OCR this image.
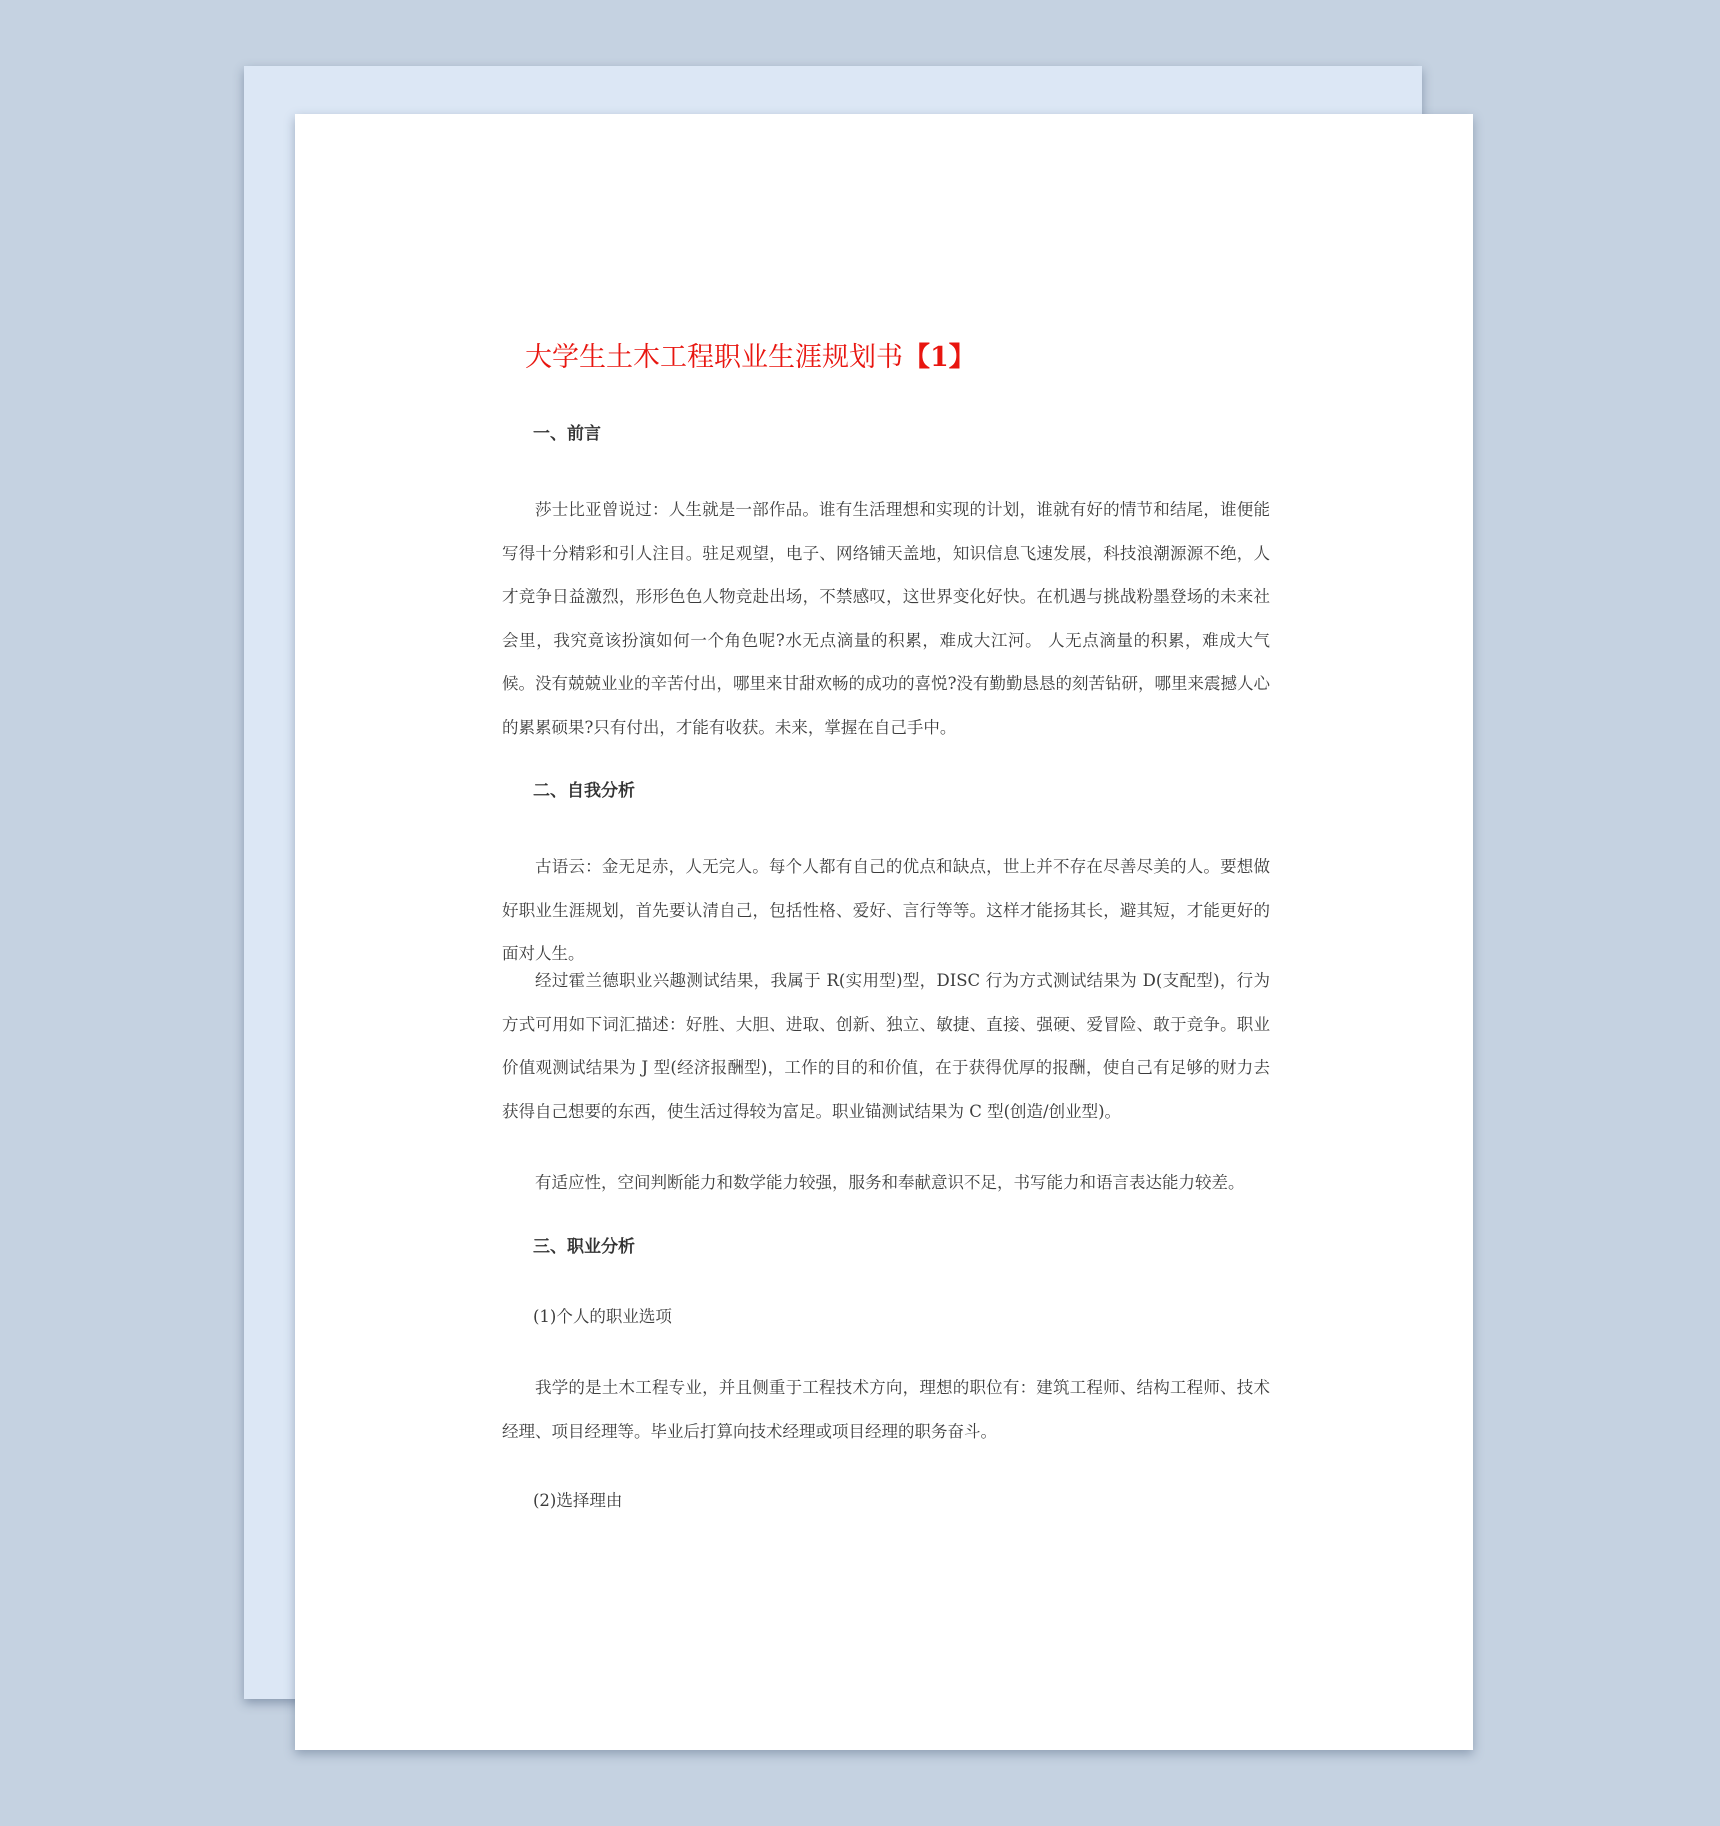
大学生土木工程职业生涯规划书【1】
一、前言

莎士比亚曾说过：人生就是一部作品。谁有生活理想和实现的计划，谁就有好的情节和结尾，谁便能写得十分精彩和引人注目。驻足观望，电子、网络铺天盖地，知识信息飞速发展，科技浪潮源源不绝，人才竞争日益激烈，形形色色人物竞赴出场，不禁感叹，这世界变化好快。在机遇与挑战粉墨登场的未来社会里，我究竟该扮演如何一个角色呢?水无点滴量的积累，难成大江河。 人无点滴量的积累，难成大气候。没有兢兢业业的辛苦付出，哪里来甘甜欢畅的成功的喜悦?没有勤勤恳恳的刻苦钻研，哪里来震撼人心的累累硕果?只有付出，才能有收获。未来，掌握在自己手中。

二、自我分析

古语云：金无足赤，人无完人。每个人都有自己的优点和缺点，世上并不存在尽善尽美的人。要想做好职业生涯规划，首先要认清自己，包括性格、爱好、言行等等。这样才能扬其长，避其短，才能更好的面对人生。

经过霍兰德职业兴趣测试结果，我属于 R(实用型)型，DISC 行为方式测试结果为 D(支配型)，行为方式可用如下词汇描述：好胜、大胆、进取、创新、独立、敏捷、直接、强硬、爱冒险、敢于竞争。职业价值观测试结果为 J 型(经济报酬型)，工作的目的和价值，在于获得优厚的报酬，使自己有足够的财力去获得自己想要的东西，使生活过得较为富足。职业锚测试结果为 C 型(创造/创业型)。

有适应性，空间判断能力和数学能力较强，服务和奉献意识不足，书写能力和语言表达能力较差。

三、职业分析

(1)个人的职业选项

我学的是土木工程专业，并且侧重于工程技术方向，理想的职位有：建筑工程师、结构工程师、技术经理、项目经理等。毕业后打算向技术经理或项目经理的职务奋斗。

(2)选择理由
